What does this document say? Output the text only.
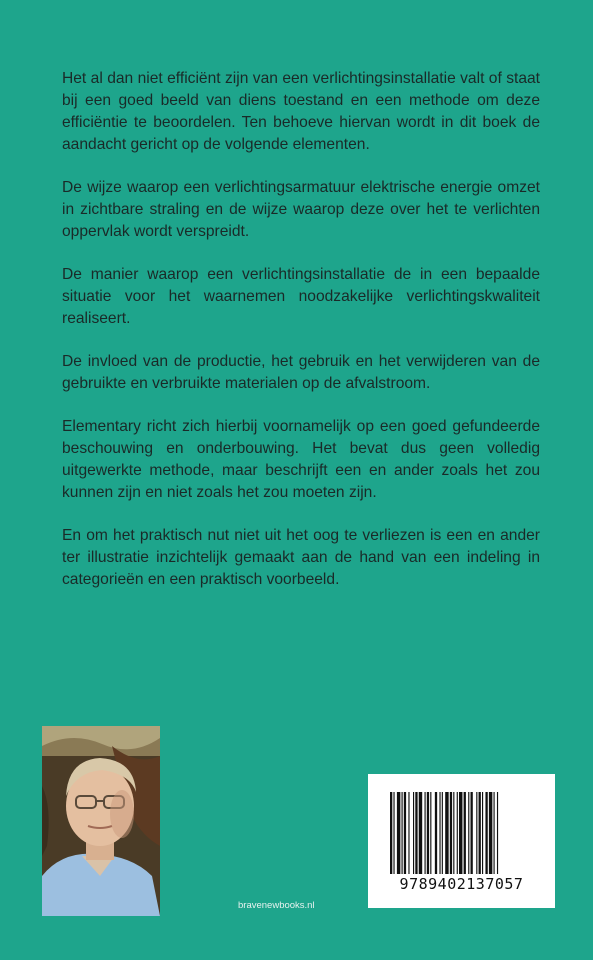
Het al dan niet efficiënt zijn van een verlichtingsinstallatie valt of staat bij een goed beeld van diens toestand en een methode om deze efficiëntie te beoordelen. Ten behoeve hiervan wordt in dit boek de aandacht gericht op de volgende elementen.

De wijze waarop een verlichtingsarmatuur elektrische energie omzet in zichtbare straling en de wijze waarop deze over het te verlichten oppervlak wordt verspreidt.

De manier waarop een verlichtingsinstallatie de in een bepaalde situatie voor het waarnemen noodzakelijke verlichtingskwaliteit realiseert.

De invloed van de productie, het gebruik en het verwijderen van de gebruikte en verbruikte materialen op de afvalstroom.

Elementary richt zich hierbij voornamelijk op een goed gefundeerde beschouwing en onderbouwing. Het bevat dus geen volledig uitgewerkte methode, maar beschrijft een en ander zoals het zou kunnen zijn en niet zoals het zou moeten zijn.

En om het praktisch nut niet uit het oog te verliezen is een en ander ter illustratie inzichtelijk gemaakt aan de hand van een indeling in categorieën en een praktisch voorbeeld.

bravenewbooks.nl
9789402137057
